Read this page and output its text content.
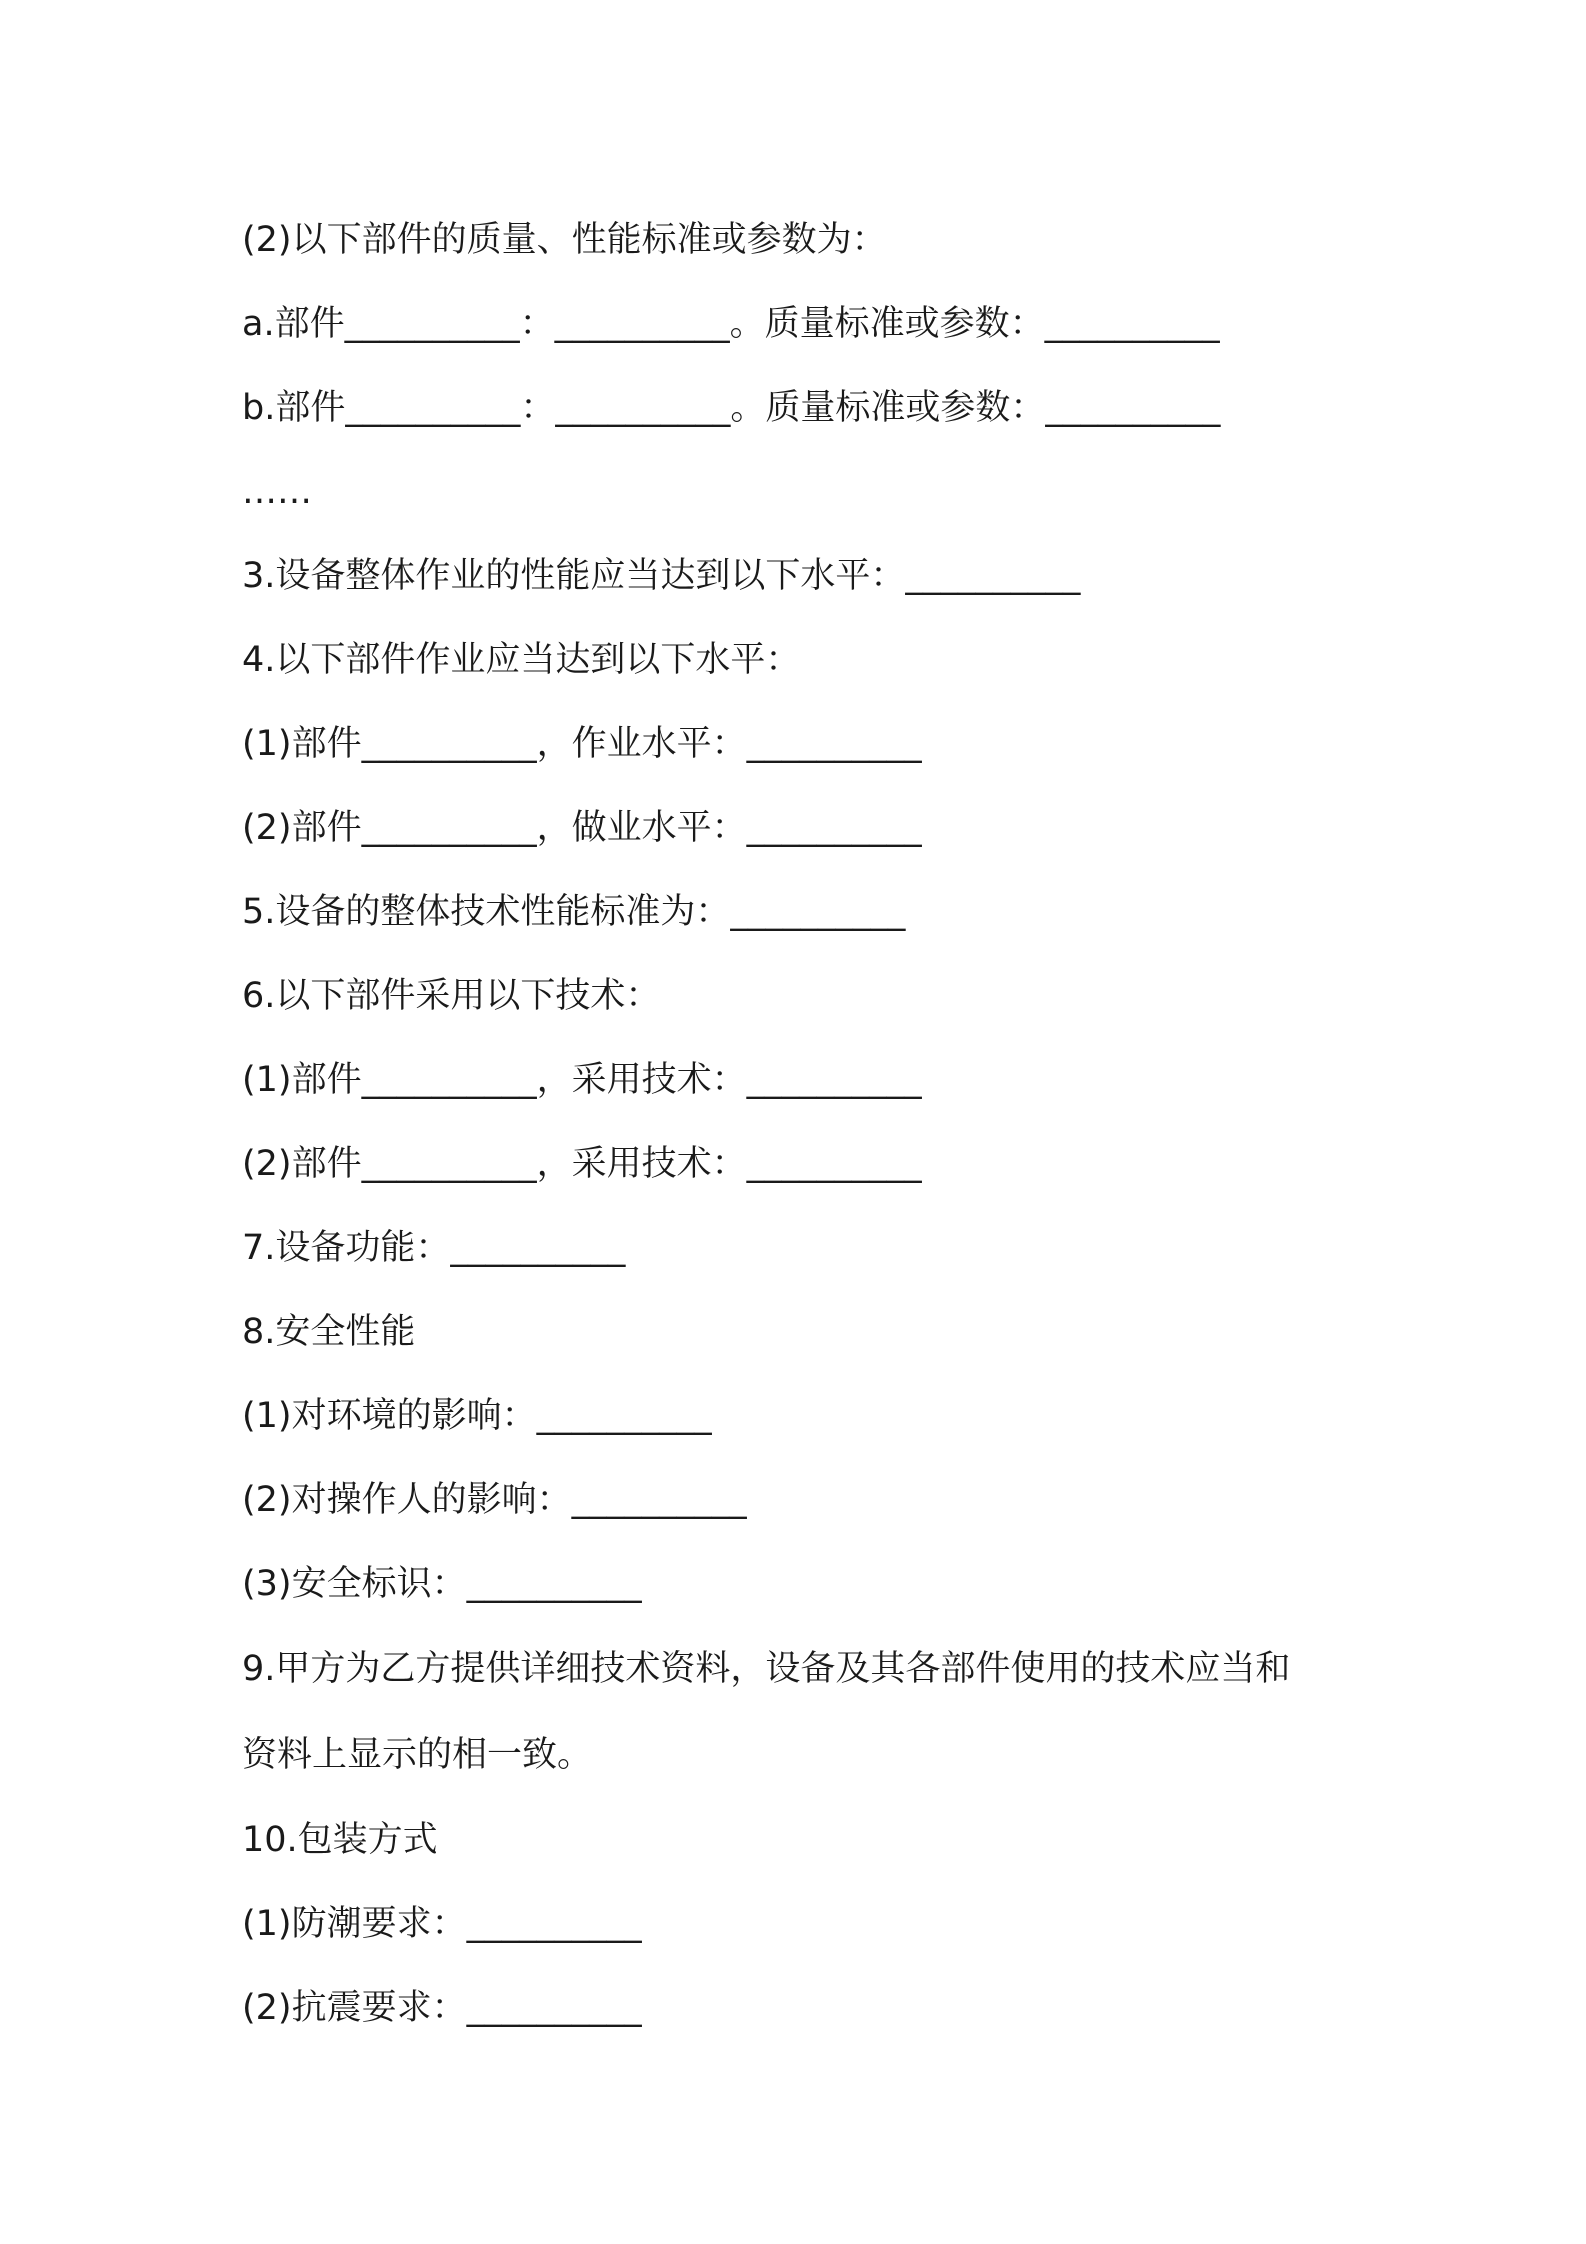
(2)以下部件的质量、性能标准或参数为：
a.部件__________：__________。质量标准或参数：__________
b.部件__________：__________。质量标准或参数：__________
……
3.设备整体作业的性能应当达到以下水平：__________
4.以下部件作业应当达到以下水平：
(1)部件__________，作业水平：__________
(2)部件__________，做业水平：__________
5.设备的整体技术性能标准为：__________
6.以下部件采用以下技术：
(1)部件__________，采用技术：__________
(2)部件__________，采用技术：__________
7.设备功能：__________
8.安全性能
(1)对环境的影响：__________
(2)对操作人的影响：__________
(3)安全标识：__________
9.甲方为乙方提供详细技术资料，设备及其各部件使用的技术应当和
资料上显示的相一致。
10.包装方式
(1)防潮要求：__________
(2)抗震要求：__________
